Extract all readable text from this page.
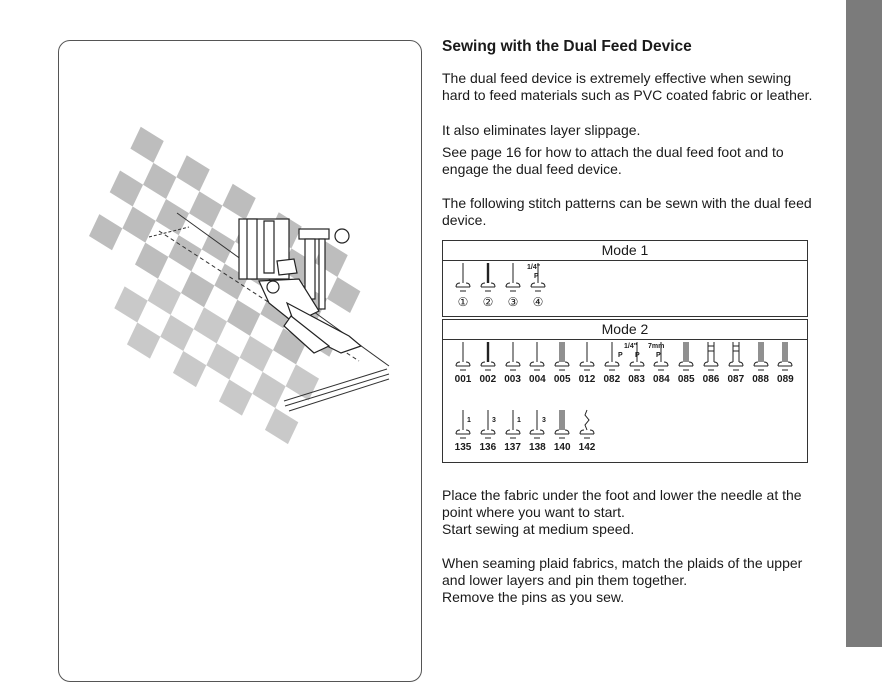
Sewing with the Dual Feed Device
The dual feed device is extremely effective when sewing hard to feed materials such as PVC coated fabric or leather.
It also eliminates layer slippage.
See page 16 for how to attach the dual feed foot and to engage the dual feed device.
The following stitch patterns can be sewn with the dual feed device.
Mode 1
1/4"
P
①	②	③	④
Mode 2
1/4" 7mm
P P P
1	3	1	3
001 002 003 004 005 012 082 083 084 085 086 087 088 089
135 136 137 138 140 142
Place the fabric under the foot and lower the needle at the point where you want to start.
Start sewing at medium speed.
When seaming plaid fabrics, match the plaids of the upper and lower layers and pin them together.
Remove the pins as you sew.
